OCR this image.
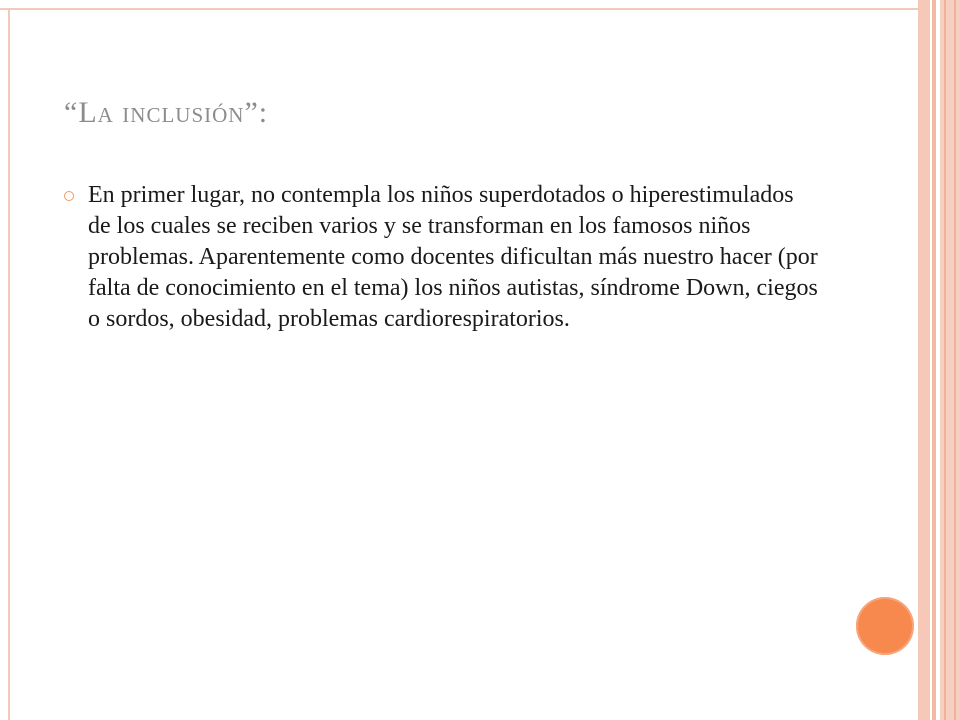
“La inclusión”:
En primer lugar, no contempla los niños superdotados o hiperestimulados de los cuales se reciben varios y se transforman en los famosos niños problemas. Aparentemente como docentes dificultan más nuestro hacer (por falta de conocimiento en el tema) los niños autistas, síndrome Down, ciegos o sordos, obesidad, problemas cardiorespiratorios.
